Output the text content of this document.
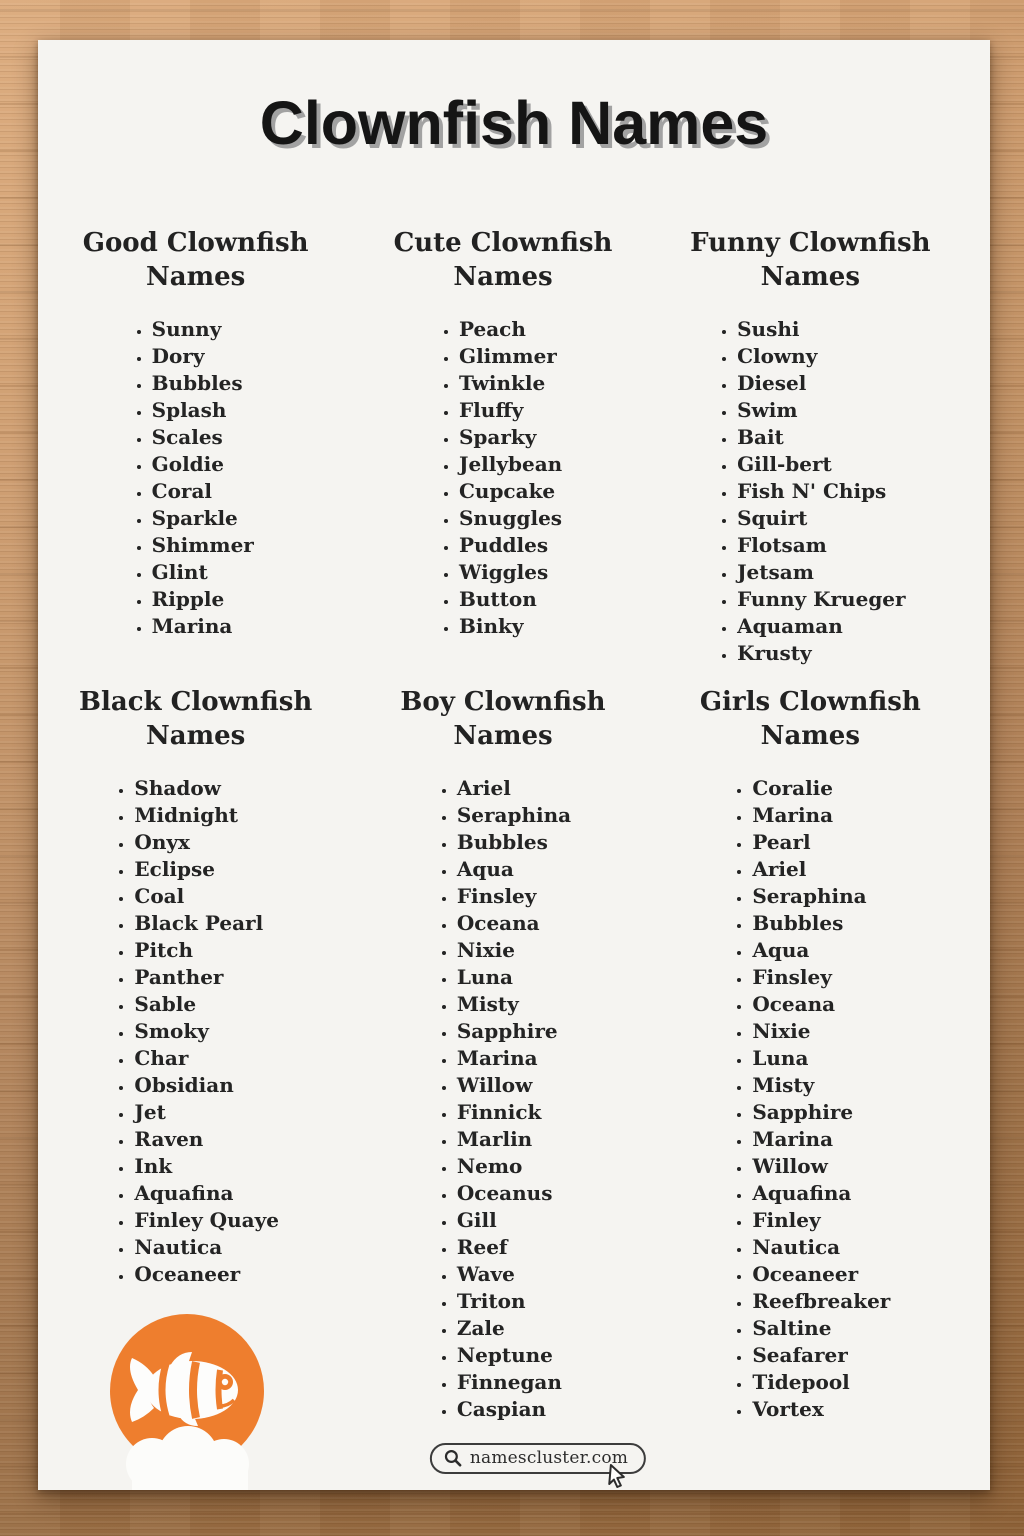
Clownfish Names
Good Clownfish Names
• Sunny
• Dory
• Bubbles
• Splash
• Scales
• Goldie
• Coral
• Sparkle
• Shimmer
• Glint
• Ripple
• Marina
Cute Clownfish Names
• Peach
• Glimmer
• Twinkle
• Fluffy
• Sparky
• Jellybean
• Cupcake
• Snuggles
• Puddles
• Wiggles
• Button
• Binky
Funny Clownfish Names
• Sushi
• Clowny
• Diesel
• Swim
• Bait
• Gill-bert
• Fish N' Chips
• Squirt
• Flotsam
• Jetsam
• Funny Krueger
• Aquaman
• Krusty
Black Clownfish Names
• Shadow
• Midnight
• Onyx
• Eclipse
• Coal
• Black Pearl
• Pitch
• Panther
• Sable
• Smoky
• Char
• Obsidian
• Jet
• Raven
• Ink
• Aquafina
• Finley Quaye
• Nautica
• Oceaneer
Boy Clownfish Names
• Ariel
• Seraphina
• Bubbles
• Aqua
• Finsley
• Oceana
• Nixie
• Luna
• Misty
• Sapphire
• Marina
• Willow
• Finnick
• Marlin
• Nemo
• Oceanus
• Gill
• Reef
• Wave
• Triton
• Zale
• Neptune
• Finnegan
• Caspian
Girls Clownfish Names
• Coralie
• Marina
• Pearl
• Ariel
• Seraphina
• Bubbles
• Aqua
• Finsley
• Oceana
• Nixie
• Luna
• Misty
• Sapphire
• Marina
• Willow
• Aquafina
• Finley
• Nautica
• Oceaneer
• Reefbreaker
• Saltine
• Seafarer
• Tidepool
• Vortex
namescluster.com
